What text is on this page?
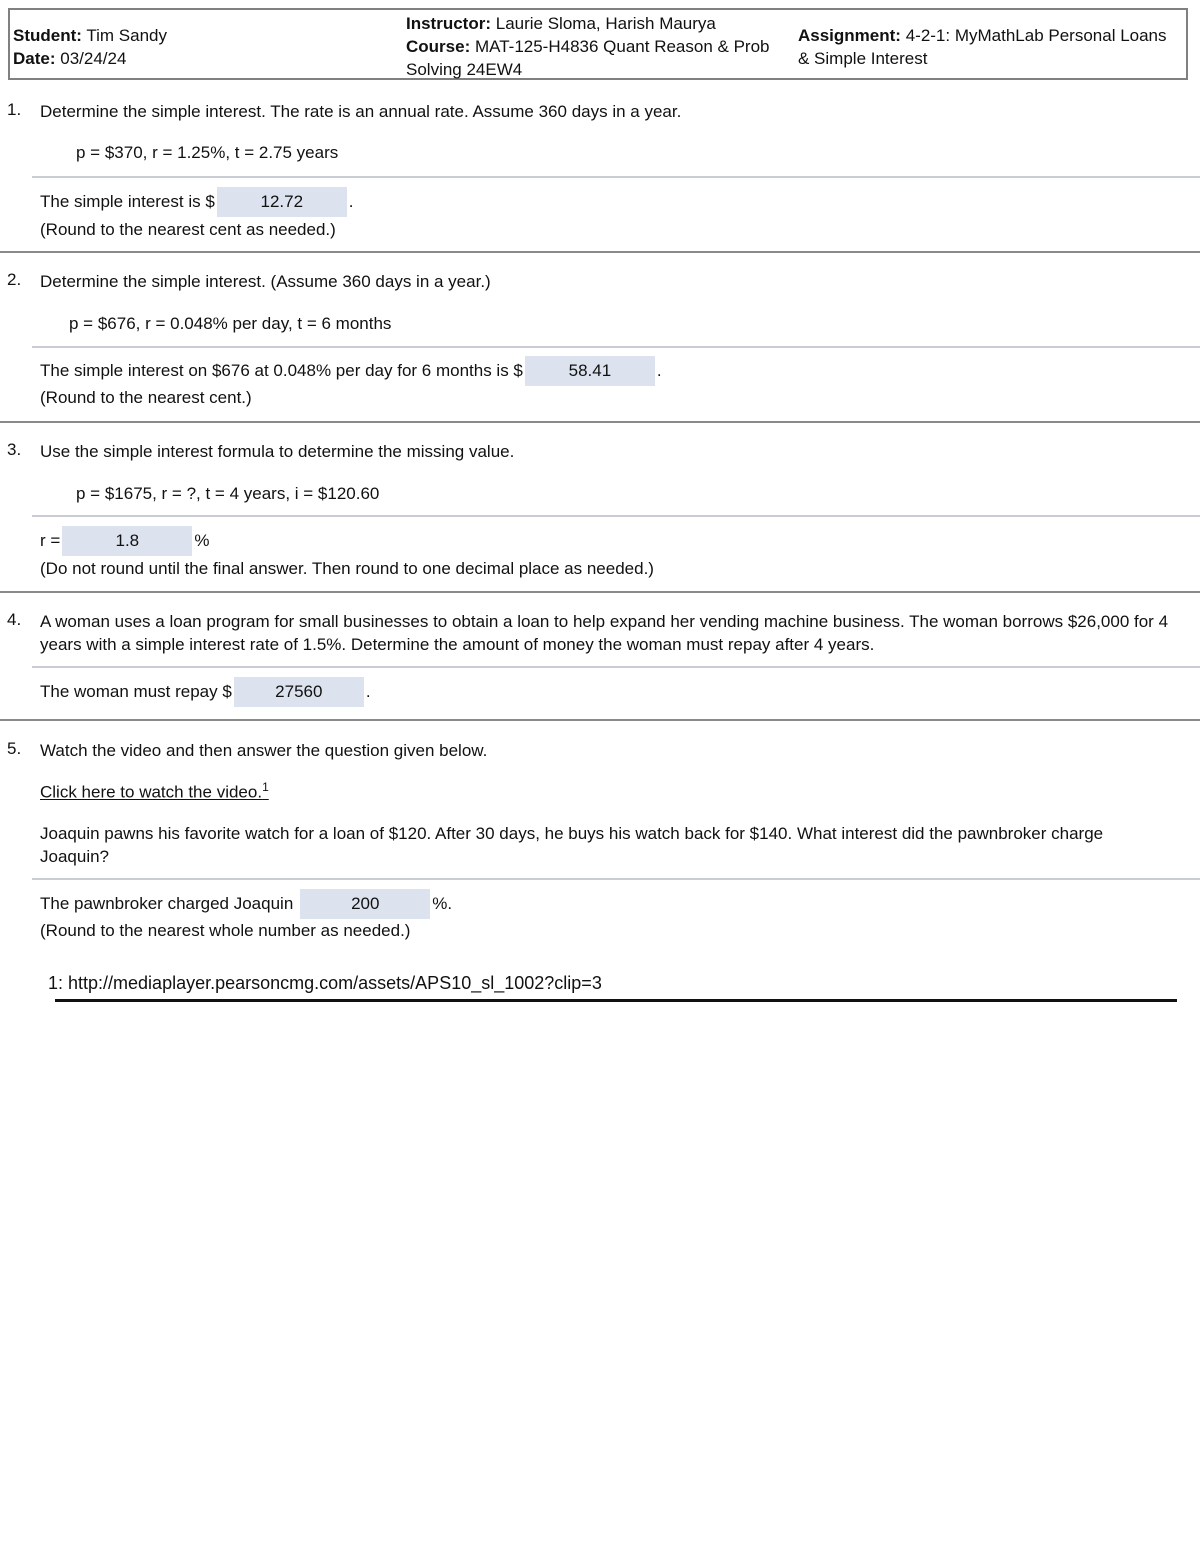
Student: Tim Sandy
Date: 03/24/24
Instructor: Laurie Sloma, Harish Maurya
Course: MAT-125-H4836 Quant Reason & Prob Solving 24EW4
Assignment: 4-2-1: MyMathLab Personal Loans & Simple Interest
1. Determine the simple interest. The rate is an annual rate. Assume 360 days in a year.
p = $370, r = 1.25%, t = 2.75 years
The simple interest is $	12.72	.
(Round to the nearest cent as needed.)
2. Determine the simple interest. (Assume 360 days in a year.)
p = $676, r = 0.048% per day, t = 6 months
The simple interest on $676 at 0.048% per day for 6 months is $	58.41	.
(Round to the nearest cent.)
3. Use the simple interest formula to determine the missing value.
p = $1675, r = ?, t = 4 years, i = $120.60
r =	1.8	%
(Do not round until the final answer. Then round to one decimal place as needed.)
4. A woman uses a loan program for small businesses to obtain a loan to help expand her vending machine business. The woman borrows $26,000 for 4 years with a simple interest rate of 1.5%. Determine the amount of money the woman must repay after 4 years.
The woman must repay $	27560	.
5. Watch the video and then answer the question given below.
Click here to watch the video.$^1$
Joaquin pawns his favorite watch for a loan of $120. After 30 days, he buys his watch back for $140. What interest did the pawnbroker charge Joaquin?
The pawnbroker charged Joaquin	200	%.
(Round to the nearest whole number as needed.)
1: http://mediaplayer.pearsoncmg.com/assets/APS10_sl_1002?clip=3
